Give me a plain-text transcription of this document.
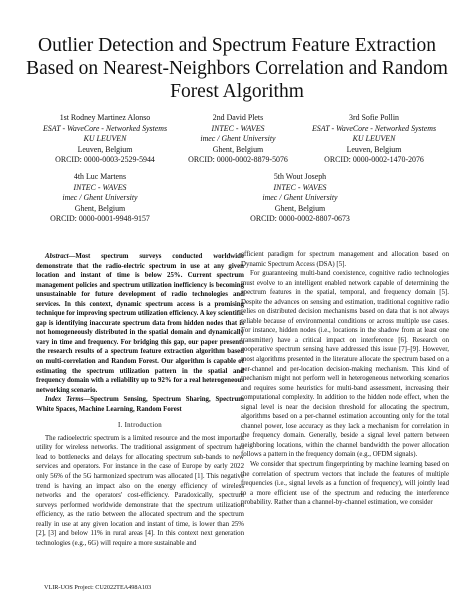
Outlier Detection and Spectrum Feature Extraction Based on Nearest-Neighbors Correlation and Random Forest Algorithm
1st Rodney Martinez Alonso
ESAT - WaveCore - Networked Systems
KU LEUVEN
Leuven, Belgium
ORCID: 0000-0003-2529-5944
2nd David Plets
INTEC - WAVES
imec / Ghent University
Ghent, Belgium
ORCID: 0000-0002-8879-5076
3rd Sofie Pollin
ESAT - WaveCore - Networked Systems
KU LEUVEN
Leuven, Belgium
ORCID: 0000-0002-1470-2076
4th Luc Martens
INTEC - WAVES
imec / Ghent University
Ghent, Belgium
ORCID: 0000-0001-9948-9157
5th Wout Joseph
INTEC - WAVES
imec / Ghent University
Ghent, Belgium
ORCID: 0000-0002-8807-0673

Abstract—Most spectrum surveys conducted worldwide demonstrate that the radio-electric spectrum in use at any given location and instant of time is below 25%. Current spectrum management policies and spectrum utilization inefficiency is becoming unsustainable for future development of radio technologies and services. In this context, dynamic spectrum access is a promising technique for improving spectrum utilization efficiency. A key scientific gap is identifying inaccurate spectrum data from hidden nodes that is not homogeneously distributed in the spatial domain and dynamically vary in time and frequency. For bridging this gap, our paper presents the research results of a spectrum feature extraction algorithm based on multi-correlation and Random Forest. Our algorithm is capable of estimating the spectrum utilization pattern in the spatial and frequency domain with a reliability up to 92% for a real heterogeneous networking scenario.

Index Terms—Spectrum Sensing, Spectrum Sharing, Spectrum White Spaces, Machine Learning, Random Forest

I. Introduction

The radioelectric spectrum is a limited resource and the most important utility for wireless networks. The traditional assignment of spectrum has lead to bottlenecks and delays for allocating spectrum sub-bands to new services and operators. For instance in the case of Europe by early 2022 only 56% of the 5G harmonized spectrum was allocated [1]. This negative trend is having an impact also on the energy efficiency of wireless networks and the operators' cost-efficiency. Paradoxically, spectrum surveys performed worldwide demonstrate that the spectrum utilization efficiency, as the ratio between the allocated spectrum and the spectrum really in use at any given location and instant of time, is lower than 25% [2], [3] and below 11% in rural areas [4]. In this context next generation technologies (e.g., 6G) will require a more sustainable and

efficient paradigm for spectrum management and allocation based on Dynamic Spectrum Access (DSA) [5].

For guaranteeing multi-band coexistence, cognitive radio technologies must evolve to an intelligent enabled network capable of determining the spectrum features in the spatial, temporal, and frequency domain [5]. Despite the advances on sensing and estimation, traditional cognitive radio relies on distributed decision mechanisms based on data that is not always reliable because of environmental conditions or across multiple use cases. For instance, hidden nodes (i.e., locations in the shadow from at least one transmitter) have a critical impact on interference [6]. Research on cooperative spectrum sensing have addressed this issue [7]–[9]. However, most algorithms presented in the literature allocate the spectrum based on a per-channel and per-location decision-making mechanism. This kind of mechanism might not perform well in heterogeneous networking scenarios and requires some heuristics for multi-band assessment, increasing their computational complexity. In addition to the hidden node effect, when the signal level is near the decision threshold for allocating the spectrum, algorithms based on a per-channel estimation accounting only for the total channel power, lose accuracy as they lack a mechanism for correlation in the frequency domain. Generally, beside a signal level pattern between neighboring locations, within the channel bandwidth the power allocation follows a pattern in the frequency domain (e.g., OFDM signals).

We consider that spectrum fingerprinting by machine learning based on the correlation of spectrum vectors that include the features of multiple frequencies (i.e., signal levels as a function of frequency), will jointly lead to a more efficient use of the spectrum and reducing the interference probability. Rather than a channel-by-channel estimation, we consider

VLIR-UOS Project: CU2022TEA498A103
